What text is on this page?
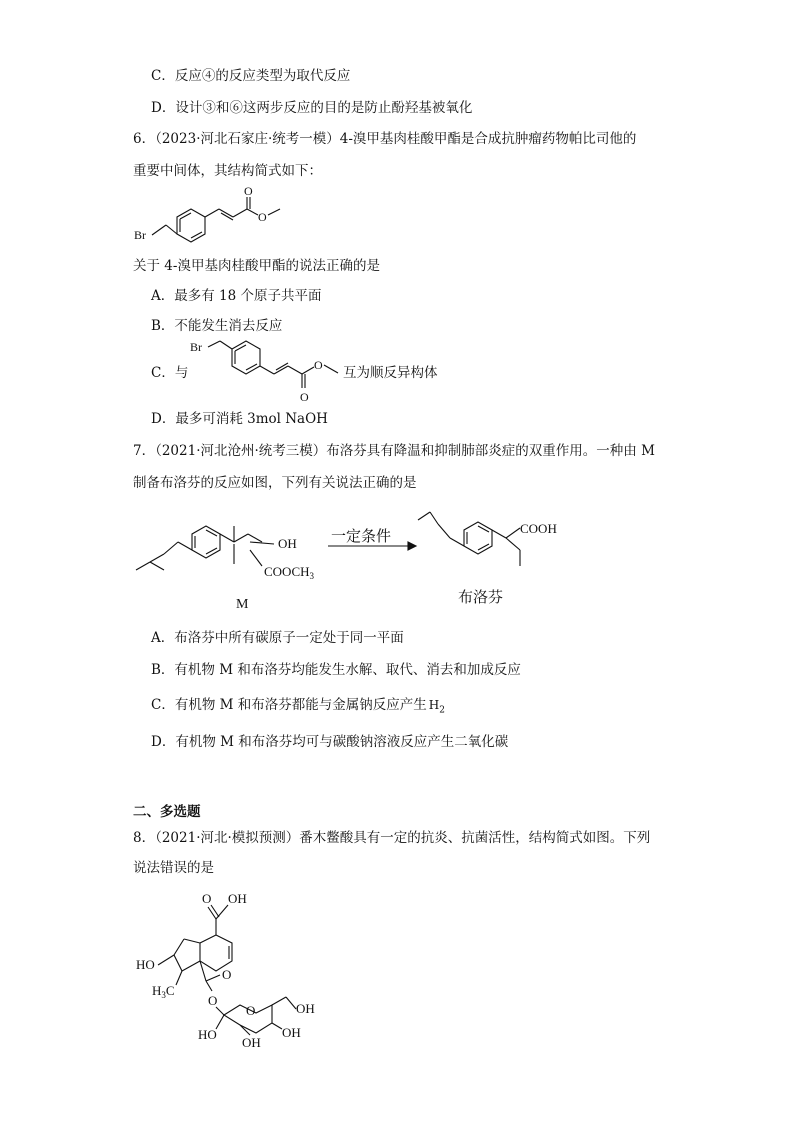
C．反应④的反应类型为取代反应
D．设计③和⑥这两步反应的目的是防止酚羟基被氧化
6．（2023·河北石家庄·统考一模）4-溴甲基肉桂酸甲酯是合成抗肿瘤药物帕比司他的
重要中间体，其结构简式如下：
Br
O
O
关于 4-溴甲基肉桂酸甲酯的说法正确的是
A．最多有 18 个原子共平面
B．不能发生消去反应
C．与
Br
O
O 互为顺反异构体
D．最多可消耗 3mol NaOH
7．（2021·河北沧州·统考三模）布洛芬具有降温和抑制肺部炎症的双重作用。一种由 M
制备布洛芬的反应如图，下列有关说法正确的是
OH
$COOCH_3$
M
一定条件
COOH
布洛芬
A．布洛芬中所有碳原子一定处于同一平面
B．有机物 M 和布洛芬均能发生水解、取代、消去和加成反应
C．有机物 M 和布洛芬都能与金属钠反应产生 $H_2$
D．有机物 M 和布洛芬均可与碳酸钠溶液反应产生二氧化碳
二、多选题
8．（2021·河北·模拟预测）番木鳖酸具有一定的抗炎、抗菌活性，结构简式如图。下列
说法错误的是
O OH
HO
$H_3C$
O
O
O	OH
HO
OH
OH
